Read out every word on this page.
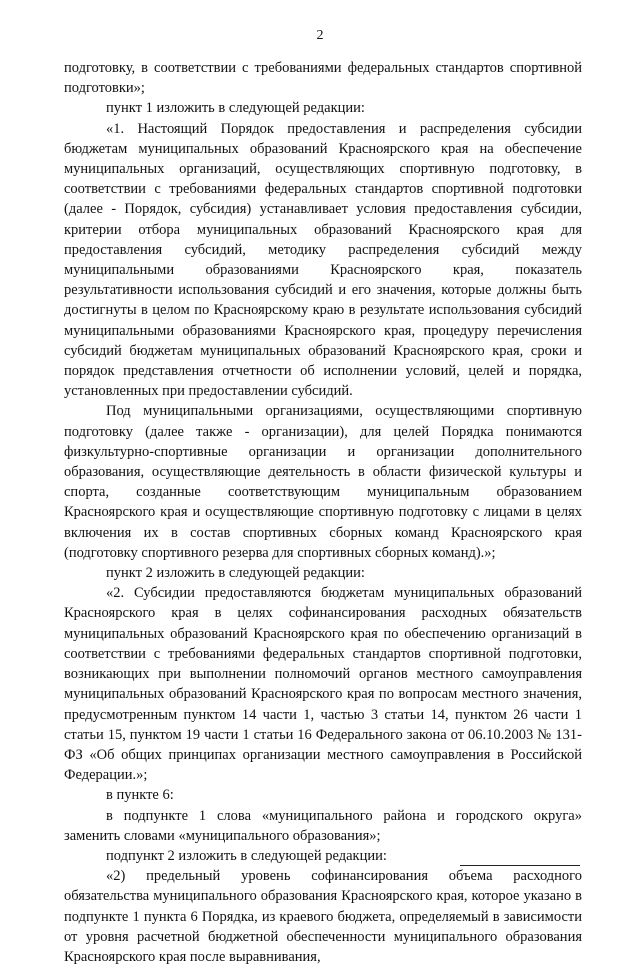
2

подготовку, в соответствии с требованиями федеральных стандартов спортивной подготовки»;

пункт 1 изложить в следующей редакции:

«1. Настоящий Порядок предоставления и распределения субсидии бюджетам муниципальных образований Красноярского края на обеспечение муниципальных организаций, осуществляющих спортивную подготовку, в соответствии с требованиями федеральных стандартов спортивной подготовки (далее - Порядок, субсидия) устанавливает условия предоставления субсидии, критерии отбора муниципальных образований Красноярского края для предоставления субсидий, методику распределения субсидий между муниципальными образованиями Красноярского края, показатель результативности использования субсидий и его значения, которые должны быть достигнуты в целом по Красноярскому краю в результате использования субсидий муниципальными образованиями Красноярского края, процедуру перечисления субсидий бюджетам муниципальных образований Красноярского края, сроки и порядок представления отчетности об исполнении условий, целей и порядка, установленных при предоставлении субсидий.

Под муниципальными организациями, осуществляющими спортивную подготовку (далее также - организации), для целей Порядка понимаются физкультурно-спортивные организации и организации дополнительного образования, осуществляющие деятельность в области физической культуры и спорта, созданные соответствующим муниципальным образованием Красноярского края и осуществляющие спортивную подготовку с лицами в целях включения их в состав спортивных сборных команд Красноярского края (подготовку спортивного резерва для спортивных сборных команд).»;

пункт 2 изложить в следующей редакции:

«2. Субсидии предоставляются бюджетам муниципальных образований Красноярского края в целях софинансирования расходных обязательств муниципальных образований Красноярского края по обеспечению организаций в соответствии с требованиями федеральных стандартов спортивной подготовки, возникающих при выполнении полномочий органов местного самоуправления муниципальных образований Красноярского края по вопросам местного значения, предусмотренным пунктом 14 части 1, частью 3 статьи 14, пунктом 26 части 1 статьи 15, пунктом 19 части 1 статьи 16 Федерального закона от 06.10.2003 № 131-ФЗ «Об общих принципах организации местного самоуправления в Российской Федерации.»;

в пункте 6:

в подпункте 1 слова «муниципального района и городского округа» заменить словами «муниципального образования»;

подпункт 2 изложить в следующей редакции:

«2) предельный уровень софинансирования объема расходного обязательства муниципального образования Красноярского края, которое указано в подпункте 1 пункта 6 Порядка, из краевого бюджета, определяемый в зависимости от уровня расчетной бюджетной обеспеченности муниципального образования Красноярского края после выравнивания,
